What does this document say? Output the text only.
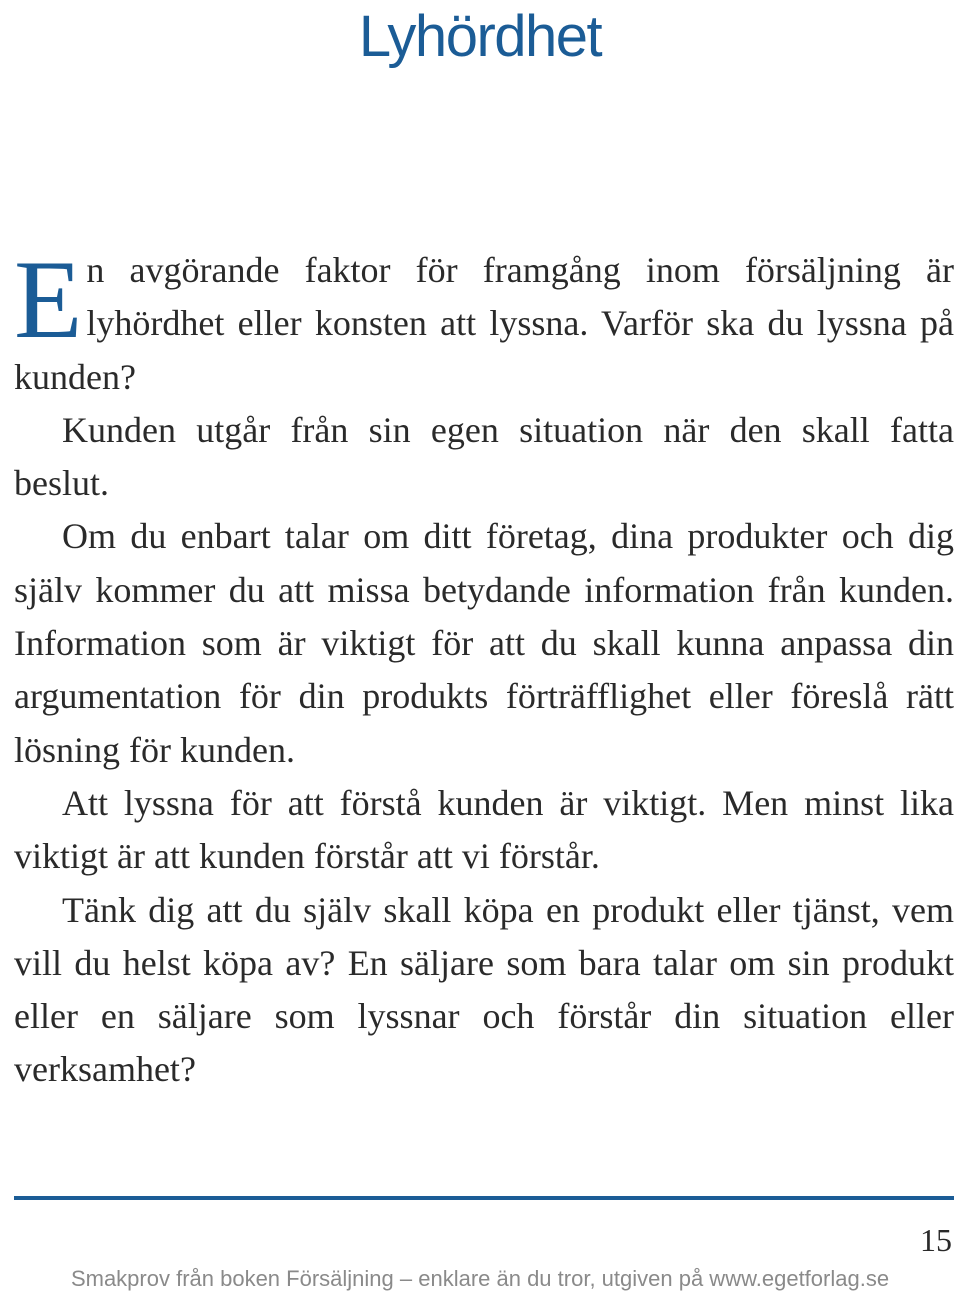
Lyhördhet

En avgörande faktor för framgång inom försäljning är lyhördhet eller konsten att lyssna. Varför ska du lyssna på kunden?

Kunden utgår från sin egen situation när den skall fatta beslut.

Om du enbart talar om ditt företag, dina produkter och dig själv kommer du att missa betydande information från kunden. Information som är viktigt för att du skall kunna anpassa din argumentation för din produkts förträfflighet eller föreslå rätt lösning för kunden.

Att lyssna för att förstå kunden är viktigt. Men minst lika viktigt är att kunden förstår att vi förstår.

Tänk dig att du själv skall köpa en produkt eller tjänst, vem vill du helst köpa av? En säljare som bara talar om sin produkt eller en säljare som lyssnar och förstår din situation eller verksamhet?

15
Smakprov från boken Försäljning – enklare än du tror, utgiven på www.egetforlag.se
